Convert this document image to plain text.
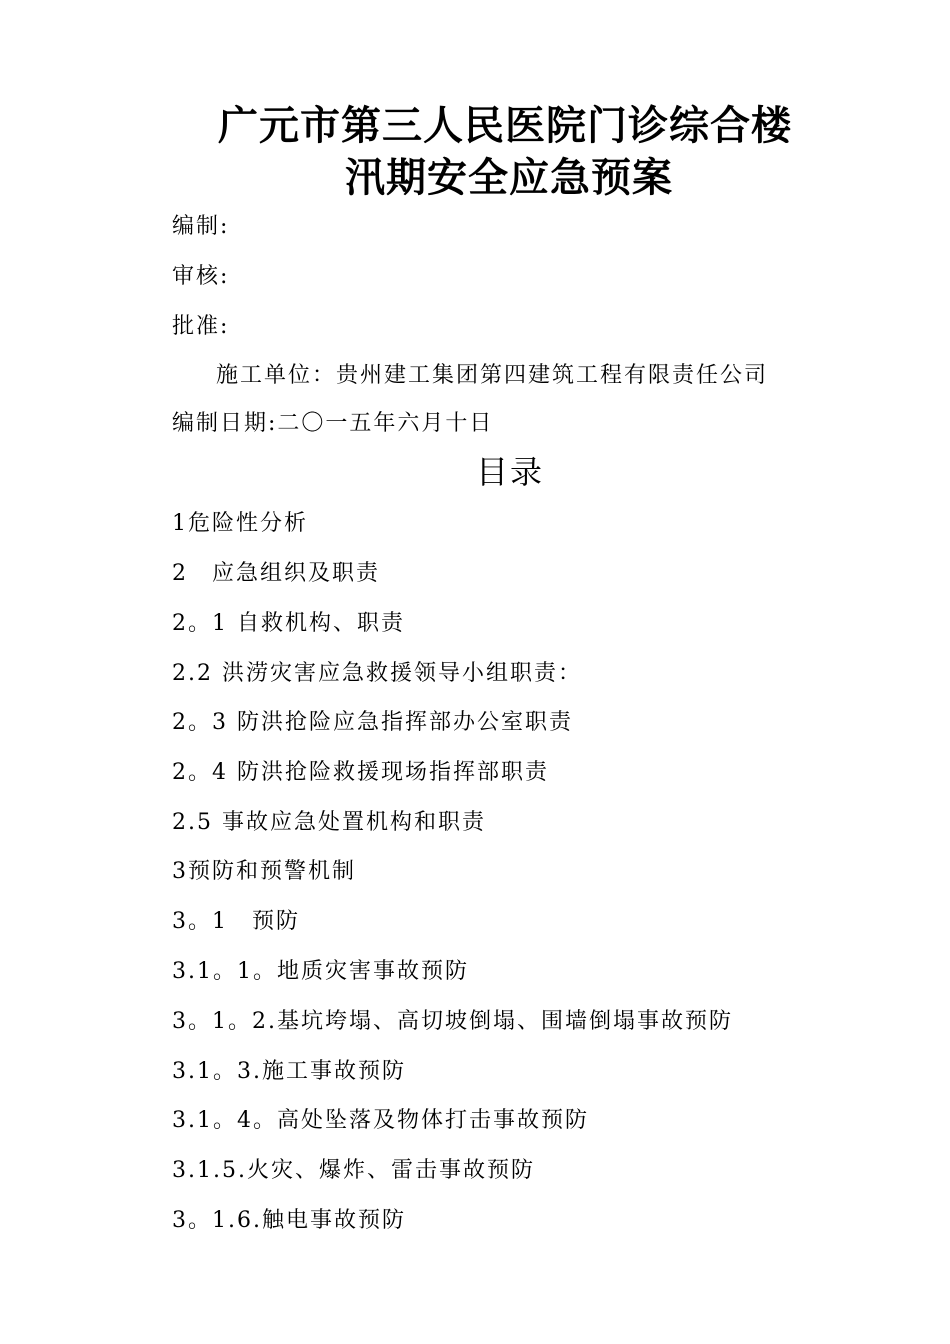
广元市第三人民医院门诊综合楼
汛期安全应急预案
编制:
审核:
批准:
施工单位：贵州建工集团第四建筑工程有限责任公司
编制日期:二〇一五年六月十日
目录
1危险性分析
2　应急组织及职责
2。1 自救机构、职责
2.2 洪涝灾害应急救援领导小组职责：
2。3 防洪抢险应急指挥部办公室职责
2。4 防洪抢险救援现场指挥部职责
2.5 事故应急处置机构和职责
3预防和预警机制
3。1　预防
3.1。1。地质灾害事故预防
3。1。2.基坑垮塌、高切坡倒塌、围墙倒塌事故预防
3.1。3.施工事故预防
3.1。4。高处坠落及物体打击事故预防
3.1.5.火灾、爆炸、雷击事故预防
3。1.6.触电事故预防
